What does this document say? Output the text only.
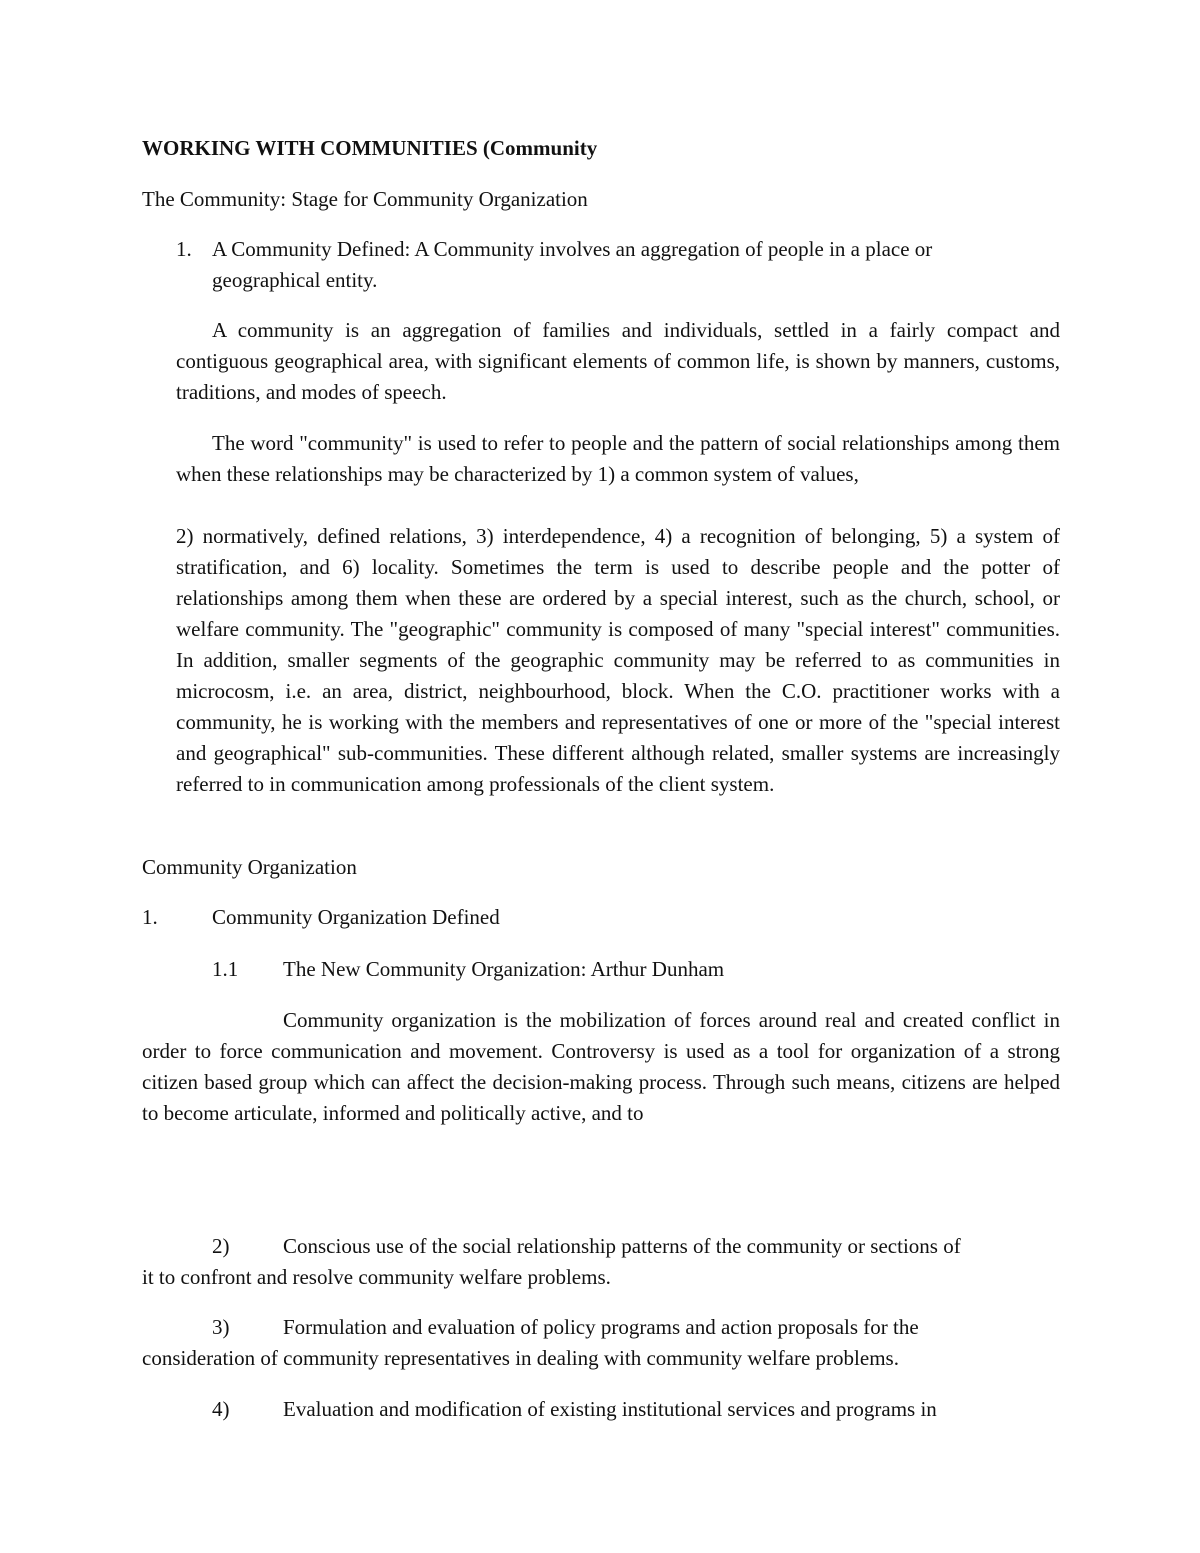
WORKING WITH COMMUNITIES (Community
The Community: Stage for Community Organization
1. A Community Defined: A Community involves an aggregation of people in a place or
geographical entity.
A community is an aggregation of families and individuals, settled in a fairly compact and contiguous geographical area, with significant elements of common life, is shown by manners, customs, traditions, and modes of speech.
The word "community" is used to refer to people and the pattern of social relationships among them when these relationships may be characterized by 1) a common system of values,
2) normatively, defined relations, 3) interdependence, 4) a recognition of belonging, 5) a system of stratification, and 6) locality. Sometimes the term is used to describe people and the potter of relationships among them when these are ordered by a special interest, such as the church, school, or welfare community. The "geographic" community is composed of many "special interest" communities. In addition, smaller segments of the geographic community may be referred to as communities in microcosm, i.e. an area, district, neighbourhood, block. When the C.O. practitioner works with a community, he is working with the members and representatives of one or more of the "special interest and geographical" sub-communities. These different although related, smaller systems are increasingly referred to in communication among professionals of the client system.
Community Organization
1.	Community Organization Defined
1.1 The New Community Organization: Arthur Dunham
Community organization is the mobilization of forces around real and created conflict in order to force communication and movement. Controversy is used as a tool for organization of a strong citizen based group which can affect the decision-making process. Through such means, citizens are helped to become articulate, informed and politically active, and to
2)	Conscious use of the social relationship patterns of the community or sections of
it to confront and resolve community welfare problems.
3)	Formulation and evaluation of policy programs and action proposals for the
consideration of community representatives in dealing with community welfare problems.
4)	Evaluation and modification of existing institutional services and programs in
